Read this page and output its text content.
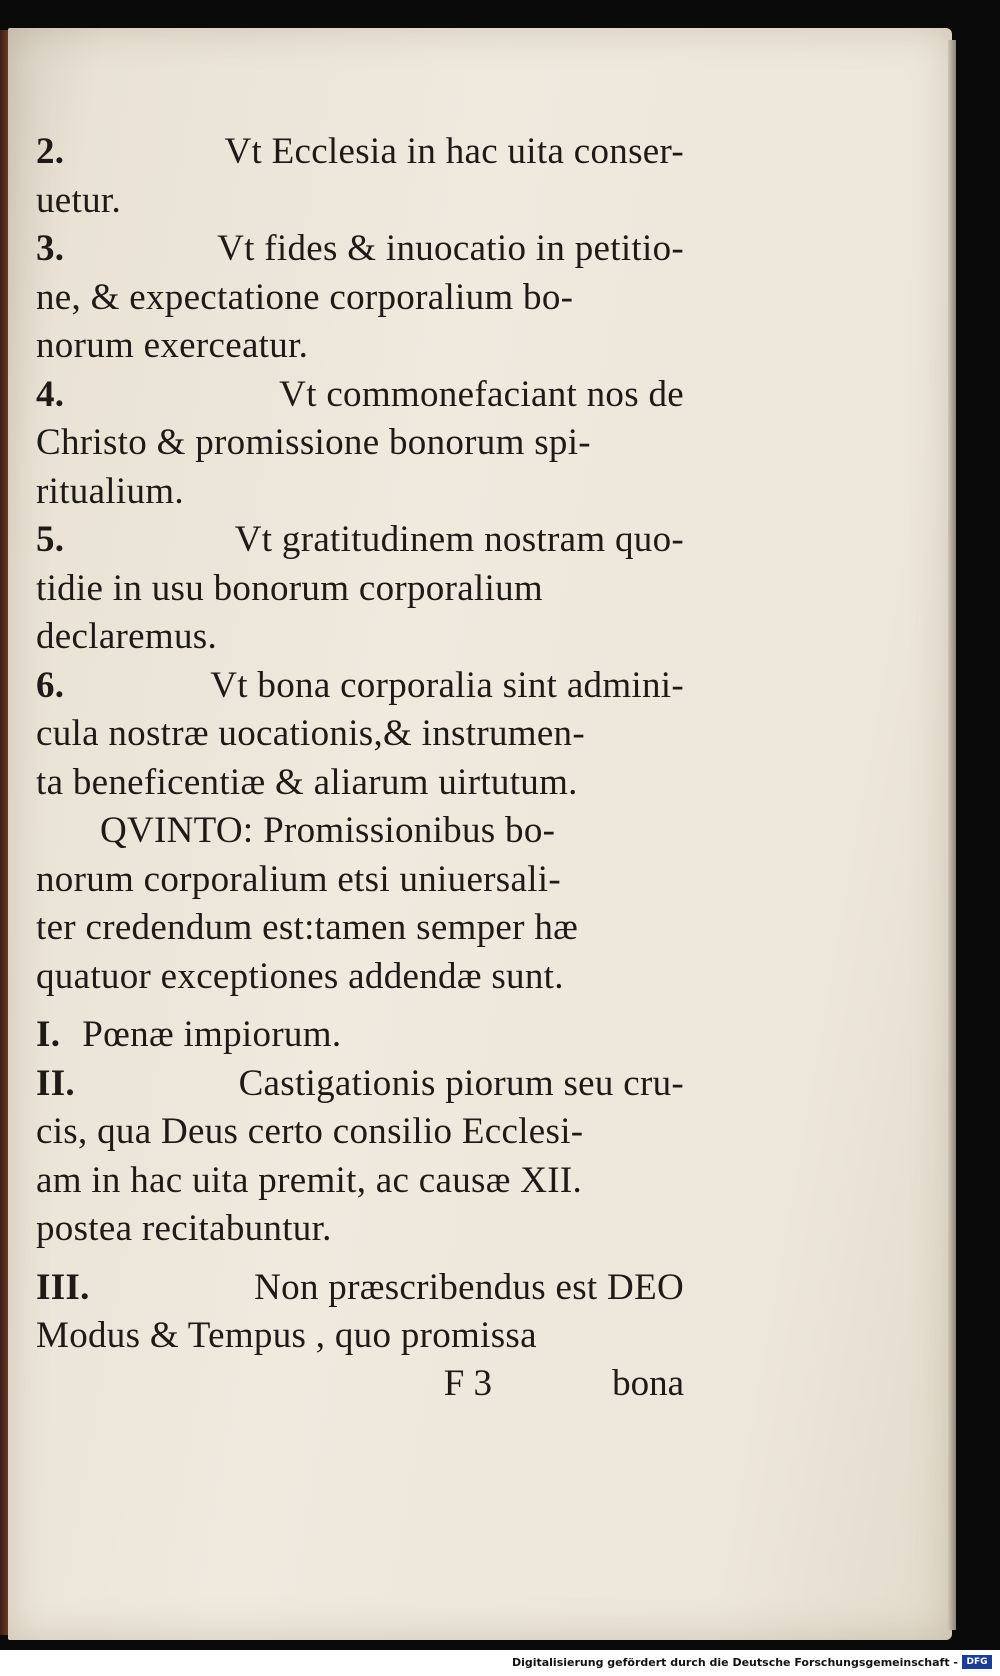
2.	Vt Ecclesia in hac uita conser-
uetur.
3.	Vt fides & inuocatio in petitio-
ne, & expectatione corporalium bo-
norum exerceatur.
4.	Vt commonefaciant nos de
Christo & promissione bonorum spi-
ritualium.
5.	Vt gratitudinem nostram quo-
tidie in usu bonorum corporalium
declaremus.
6.	Vt bona corporalia sint admini-
cula nostræ uocationis,& instrumen-
ta beneficentiæ & aliarum uirtutum.
QVINTO: Promissionibus bo-
norum corporalium etsi uniuersali-
ter credendum est:tamen semper hæ
quatuor exceptiones addendæ sunt.
I. Pœnæ impiorum.
II.	Castigationis piorum seu cru-
cis, qua Deus certo consilio Ecclesi-
am in hac uita premit, ac causæ XII.
postea recitabuntur.
III.	Non præscribendus est DEO
Modus & Tempus , quo promissa
F 3	bona
Digitalisierung gefördert durch die Deutsche Forschungsgemeinschaft - DFG
